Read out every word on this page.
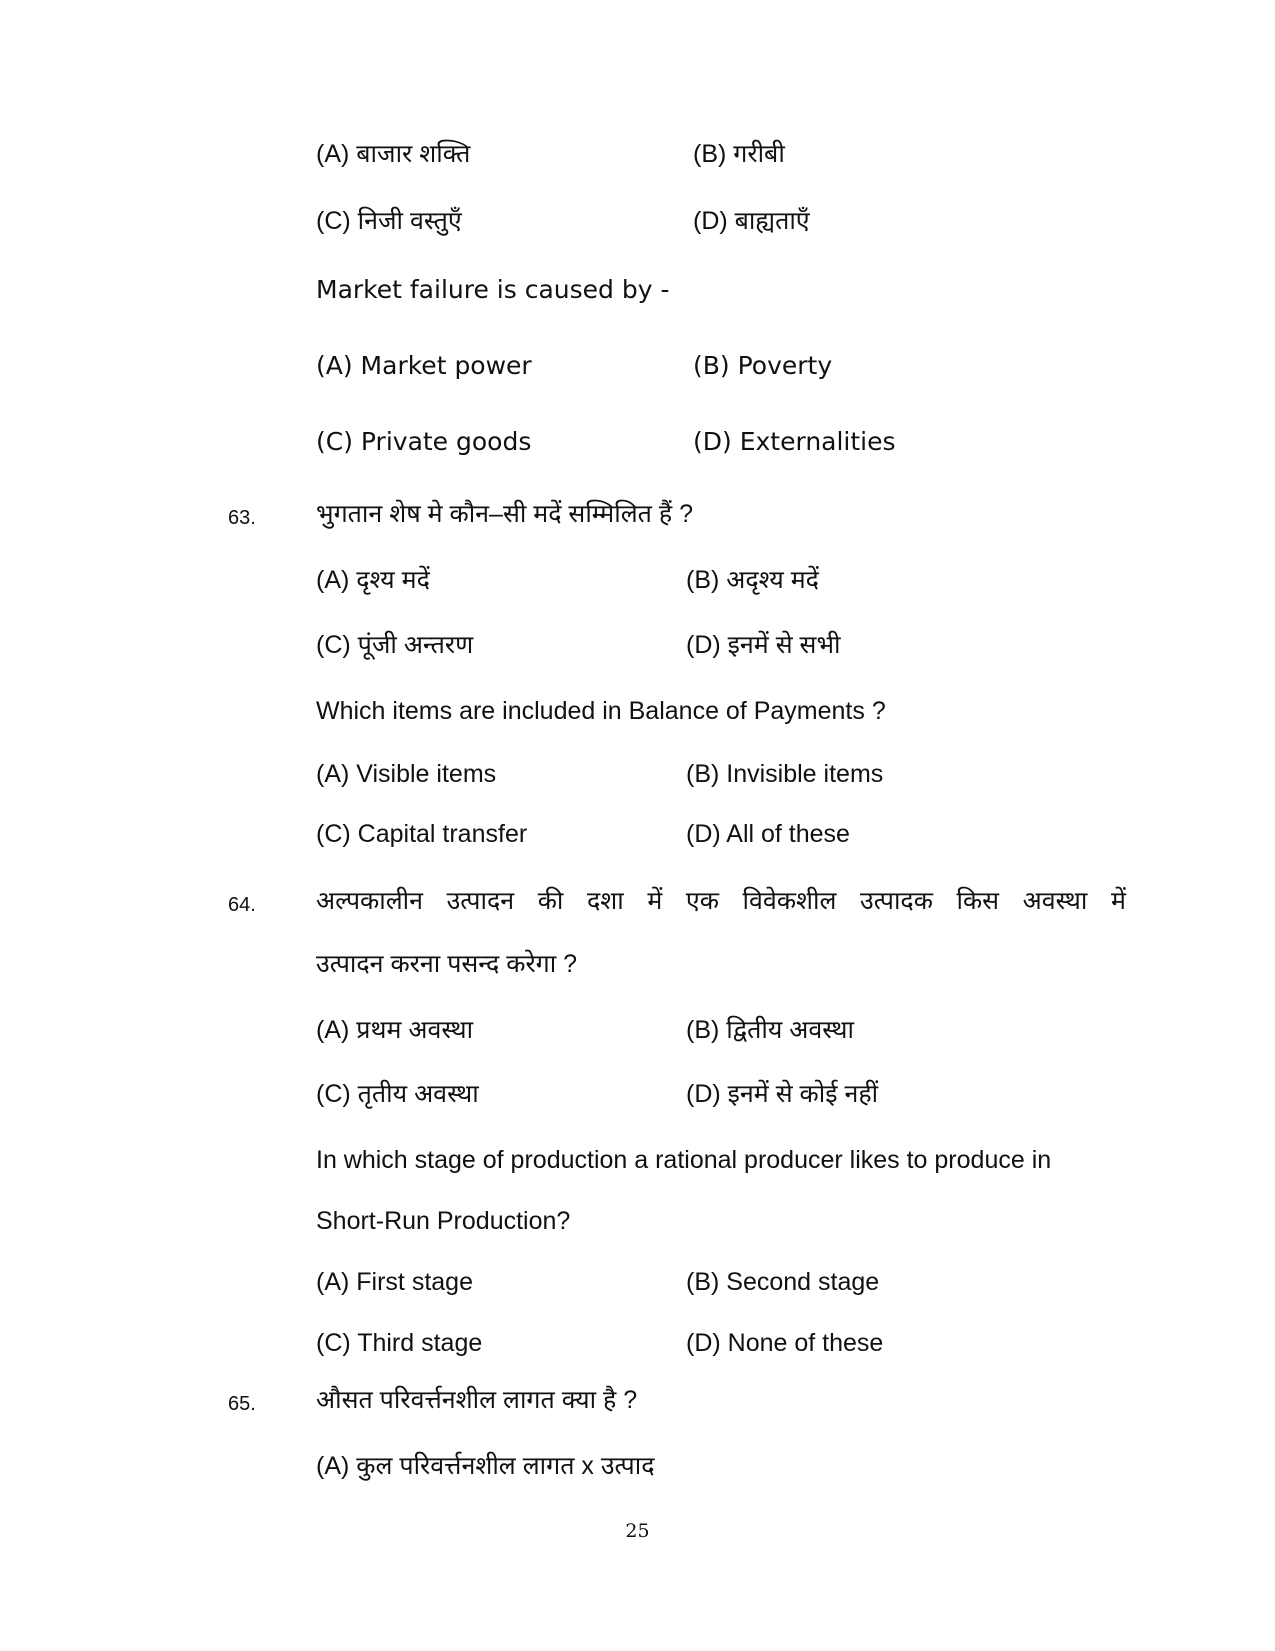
(A) बाजार शक्ति	(B) गरीबी
(C) निजी वस्तुएँ	(D) बाह्यताएँ
Market failure is caused by -
(A) Market power	(B) Poverty
(C) Private goods	(D) Externalities
63. भुगतान शेष मे कौन–सी मदें सम्मिलित हैं ?
(A) दृश्य मदें	(B) अदृश्य मदें
(C) पूंजी अन्तरण	(D) इनमें से सभी
Which items are included in Balance of Payments ?
(A) Visible items	(B) Invisible items
(C) Capital transfer	(D) All of these
64. अल्पकालीन उत्पादन की दशा में एक विवेकशील उत्पादक किस अवस्था में
उत्पादन करना पसन्द करेगा ?
(A) प्रथम अवस्था	(B) द्वितीय अवस्था
(C) तृतीय अवस्था	(D) इनमें से कोई नहीं
In which stage of production a rational producer likes to produce in
Short-Run Production?
(A) First stage	(B) Second stage
(C) Third stage	(D) None of these
65. औसत परिवर्त्तनशील लागत क्या है ?
(A) कुल परिवर्त्तनशील लागत x उत्पाद
25
